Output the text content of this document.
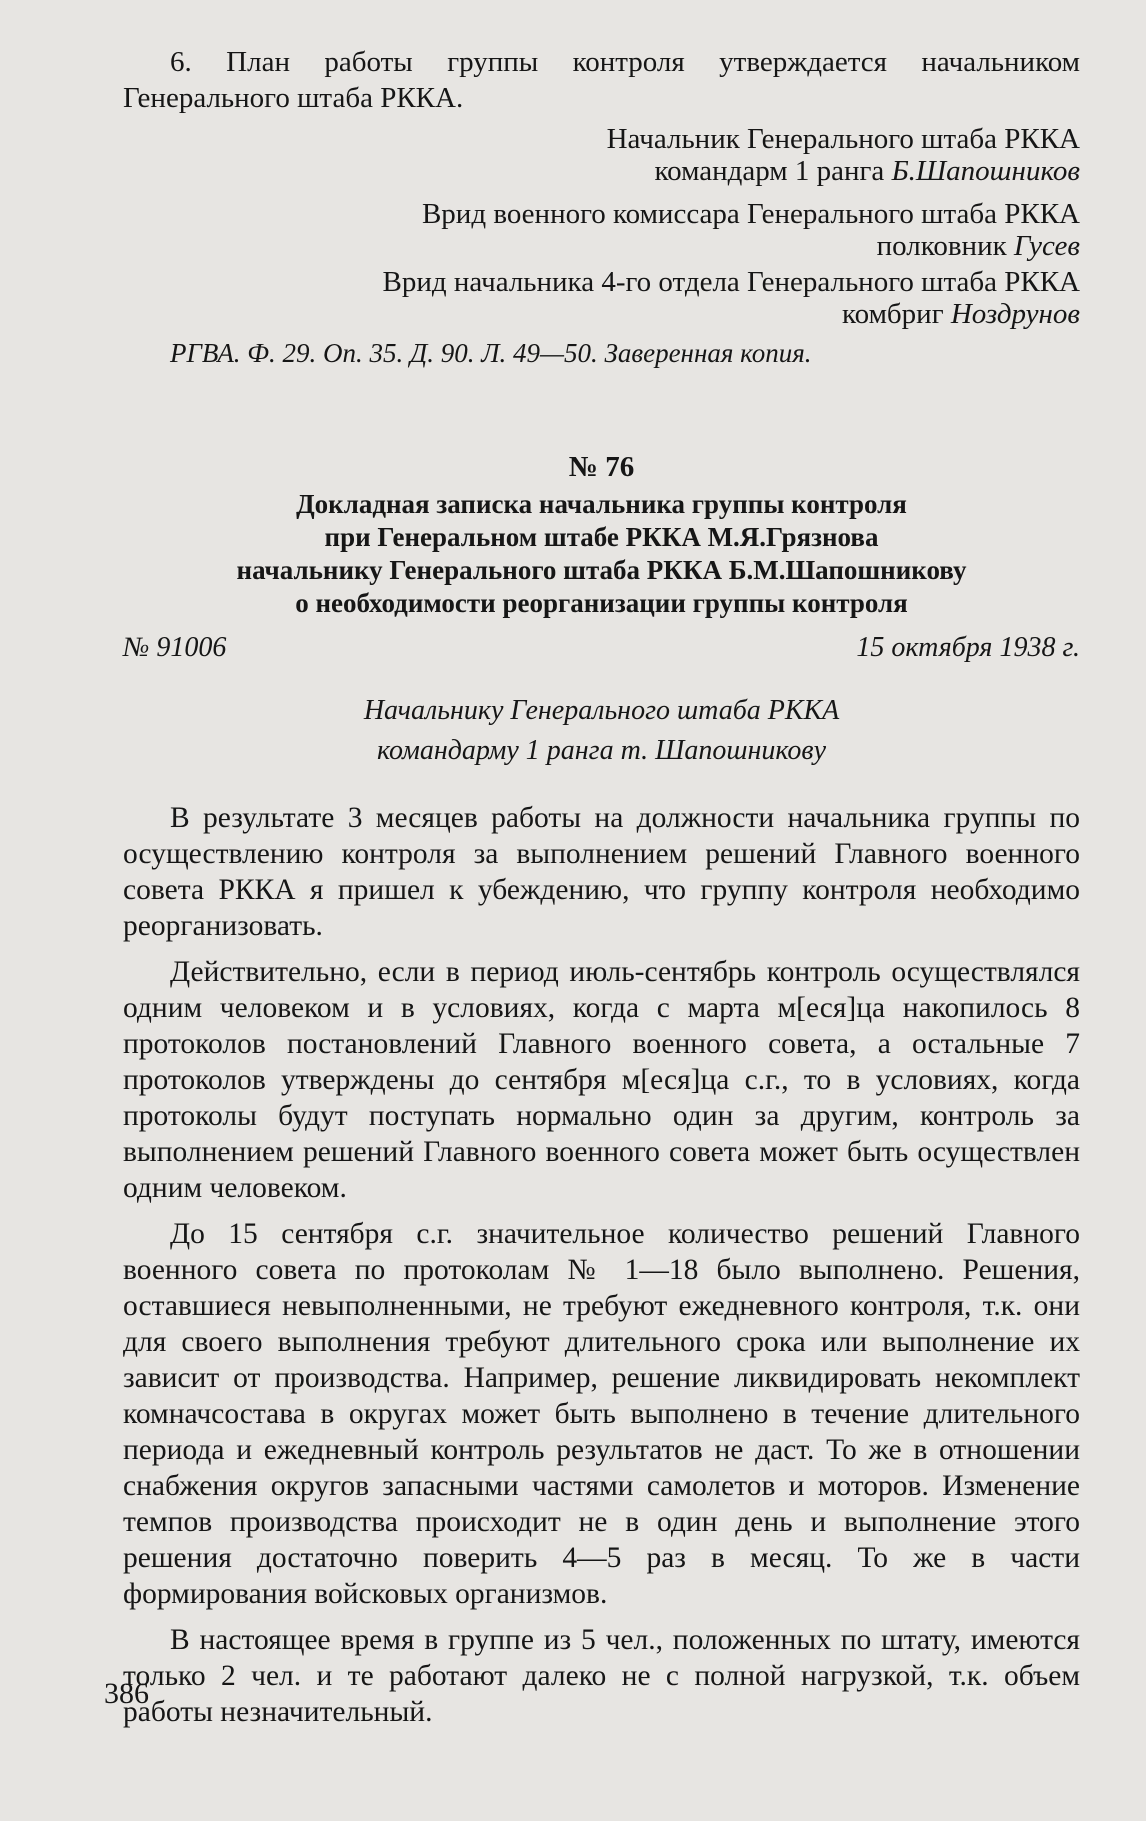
6. План работы группы контроля утверждается начальником Генерального штаба РККА.
Начальник Генерального штаба РККА
командарм 1 ранга Б.Шапошников
Врид военного комиссара Генерального штаба РККА
полковник Гусев
Врид начальника 4-го отдела Генерального штаба РККА
комбриг Ноздрунов
РГВА. Ф. 29. Оп. 35. Д. 90. Л. 49—50. Заверенная копия.
№ 76
Докладная записка начальника группы контроля
при Генеральном штабе РККА М.Я.Грязнова
начальнику Генерального штаба РККА Б.М.Шапошникову
о необходимости реорганизации группы контроля
№ 91006	15 октября 1938 г.
Начальнику Генерального штаба РККА
командарму 1 ранга т. Шапошникову

В результате 3 месяцев работы на должности начальника группы по осуществлению контроля за выполнением решений Главного военного совета РККА я пришел к убеждению, что группу контроля необходимо реорганизовать.

Действительно, если в период июль-сентябрь контроль осуществлялся одним человеком и в условиях, когда с марта м[еся]ца накопилось 8 протоколов постановлений Главного военного совета, а остальные 7 протоколов утверждены до сентября м[еся]ца с.г., то в условиях, когда протоколы будут поступать нормально один за другим, контроль за выполнением решений Главного военного совета может быть осуществлен одним человеком.

До 15 сентября с.г. значительное количество решений Главного военного совета по протоколам № 1—18 было выполнено. Решения, оставшиеся невыполненными, не требуют ежедневного контроля, т.к. они для своего выполнения требуют длительного срока или выполнение их зависит от производства. Например, решение ликвидировать некомплект комначсостава в округах может быть выполнено в течение длительного периода и ежедневный контроль результатов не даст. То же в отношении снабжения округов запасными частями самолетов и моторов. Изменение темпов производства происходит не в один день и выполнение этого решения достаточно поверить 4—5 раз в месяц. То же в части формирования войсковых организмов.

В настоящее время в группе из 5 чел., положенных по штату, имеются только 2 чел. и те работают далеко не с полной нагрузкой, т.к. объем работы незначительный.

386
